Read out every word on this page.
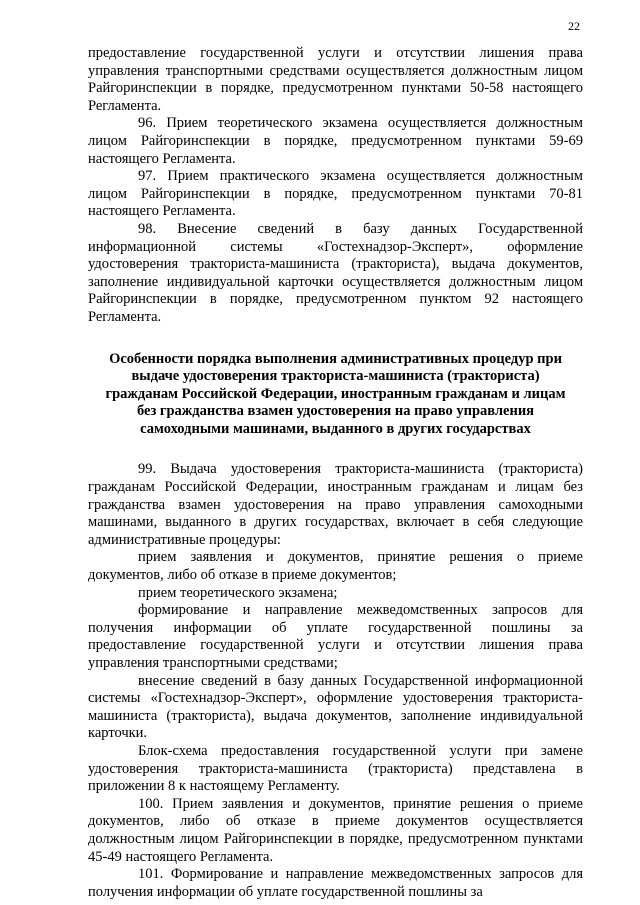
22

предоставление государственной услуги и отсутствии лишения права управления транспортными средствами осуществляется должностным лицом Райгоринспекции в порядке, предусмотренном пунктами 50-58 настоящего Регламента.

96. Прием теоретического экзамена осуществляется должностным лицом Райгоринспекции в порядке, предусмотренном пунктами 59-69 настоящего Регламента.

97. Прием практического экзамена осуществляется должностным лицом Райгоринспекции в порядке, предусмотренном пунктами 70-81 настоящего Регламента.

98. Внесение сведений в базу данных Государственной информационной системы «Гостехнадзор-Эксперт», оформление удостоверения тракториста-машиниста (тракториста), выдача документов, заполнение индивидуальной карточки осуществляется должностным лицом Райгоринспекции в порядке, предусмотренном пунктом 92 настоящего Регламента.

Особенности порядка выполнения административных процедур при выдаче удостоверения тракториста-машиниста (тракториста) гражданам Российской Федерации, иностранным гражданам и лицам без гражданства взамен удостоверения на право управления самоходными машинами, выданного в других государствах

99. Выдача удостоверения тракториста-машиниста (тракториста) гражданам Российской Федерации, иностранным гражданам и лицам без гражданства взамен удостоверения на право управления самоходными машинами, выданного в других государствах, включает в себя следующие административные процедуры:

прием заявления и документов, принятие решения о приеме документов, либо об отказе в приеме документов;

прием теоретического экзамена;

формирование и направление межведомственных запросов для получения информации об уплате государственной пошлины за предоставление государственной услуги и отсутствии лишения права управления транспортными средствами;

внесение сведений в базу данных Государственной информационной системы «Гостехнадзор-Эксперт», оформление удостоверения тракториста-машиниста (тракториста), выдача документов, заполнение индивидуальной карточки.

Блок-схема предоставления государственной услуги при замене удостоверения тракториста-машиниста (тракториста) представлена в приложении 8 к настоящему Регламенту.

100. Прием заявления и документов, принятие решения о приеме документов, либо об отказе в приеме документов осуществляется должностным лицом Райгоринспекции в порядке, предусмотренном пунктами 45-49 настоящего Регламента.

101. Формирование и направление межведомственных запросов для получения информации об уплате государственной пошлины за
